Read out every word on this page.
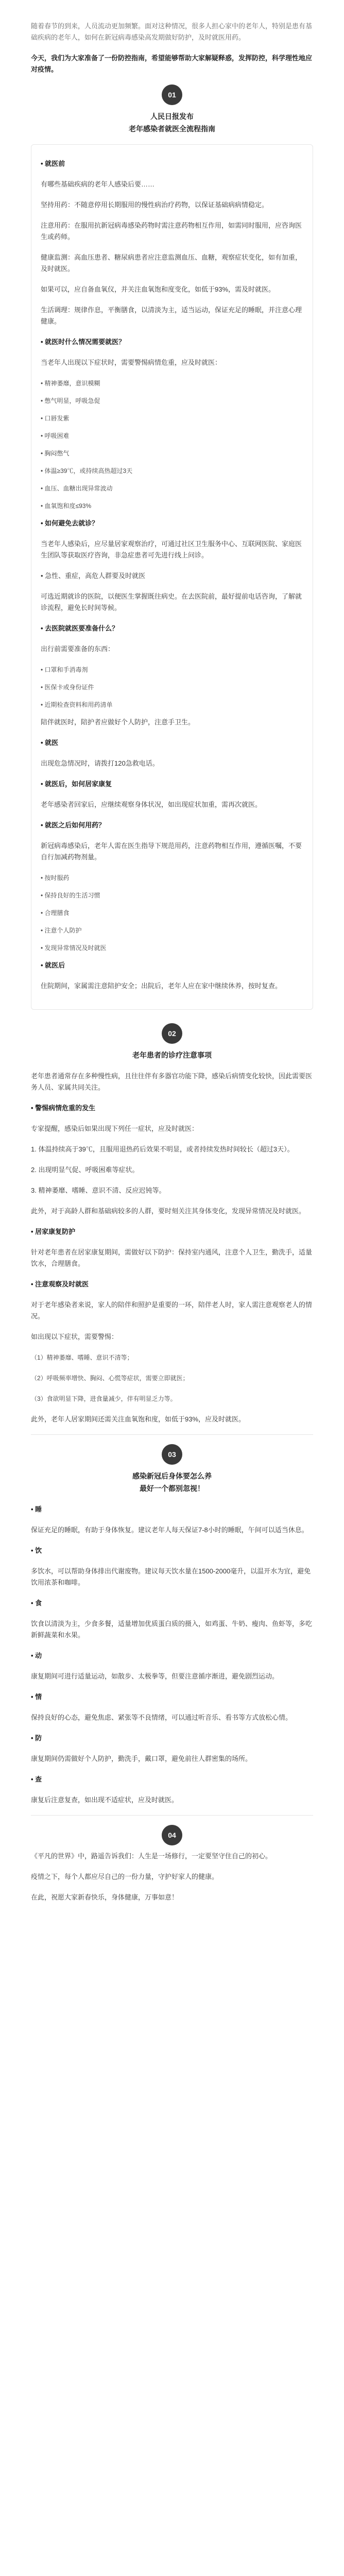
随着春节的到来，人员流动更加频繁。面对这种情况，很多人担心家中的老年人，特别是患有基础疾病的老年人，如何在新冠病毒感染高发期做好防护，及时就医用药。

今天，我们为大家准备了一份防控指南，希望能够帮助大家解疑释惑，发挥防控，科学理性地应对疫情。

01
人民日报发布
老年感染者就医全流程指南

• 就医前

有哪些基础疾病的老年人感染后要……

坚持用药：不随意停用长期服用的慢性病治疗药物，以保证基础病病情稳定。

注意用药：在服用抗新冠病毒感染药物时需注意药物相互作用，如需同时服用，应咨询医生或药师。

健康监测：高血压患者、糖尿病患者应注意监测血压、血糖，观察症状变化，如有加重，及时就医。

如果可以，应自备血氧仪，并关注血氧饱和度变化，如低于93%，需及时就医。

生活调理：规律作息，平衡膳食，以清淡为主，适当运动，保证充足的睡眠，并注意心理健康。

• 就医时什么情况需要就医？

当老年人出现以下症状时，需要警惕病情危重，应及时就医：

• 精神萎靡，意识模糊

• 憋气明显，呼吸急促

• 口唇发紫

• 呼吸困难

• 胸闷憋气

• 体温≥39℃，或持续高热超过3天

• 血压、血糖出现异常波动

• 血氧饱和度≤93%

• 如何避免去就诊？

当老年人感染后，应尽量居家观察治疗，可通过社区卫生服务中心、互联网医院、家庭医生团队等获取医疗咨询，非急症患者可先进行线上问诊。

• 急性、重症，高危人群要及时就医

可选近期就诊的医院，以便医生掌握既往病史。在去医院前，最好提前电话咨询，了解就诊流程，避免长时间等候。

• 去医院就医要准备什么？

出行前需要准备的东西：

• 口罩和手消毒剂

• 医保卡或身份证件

• 近期检查资料和用药清单

陪伴就医时，陪护者应做好个人防护，注意手卫生。

• 就医

出现危急情况时，请拨打120急救电话。

• 就医后，如何居家康复

老年感染者回家后，应继续观察身体状况，如出现症状加重，需再次就医。

• 就医之后如何用药？

新冠病毒感染后，老年人需在医生指导下规范用药，注意药物相互作用，遵循医嘱，不要自行加减药物剂量。

• 按时服药

• 保持良好的生活习惯

• 合理膳食

• 注意个人防护

• 发现异常情况及时就医

• 就医后

住院期间，家属需注意陪护安全；出院后，老年人应在家中继续休养，按时复查。

02
老年患者的诊疗注意事项

老年患者通常存在多种慢性病，且往往伴有多器官功能下降，感染后病情变化较快，因此需要医务人员、家属共同关注。

• 警惕病情危重的发生

专家提醒，感染后如果出现下列任一症状，应及时就医：

1. 体温持续高于39℃，且服用退热药后效果不明显，或者持续发热时间较长（超过3天）。

2. 出现明显气促、呼吸困难等症状。

3. 精神萎靡、嗜睡、意识不清、反应迟钝等。

此外，对于高龄人群和基础病较多的人群，要时刻关注其身体变化，发现异常情况及时就医。

• 居家康复防护

针对老年患者在居家康复期间，需做好以下防护：保持室内通风，注意个人卫生，勤洗手，适量饮水，合理膳食。

• 注意观察及时就医

对于老年感染者来说，家人的陪伴和照护是重要的一环，陪伴老人时，家人需注意观察老人的情况。

如出现以下症状，需要警惕：

（1）精神萎靡、嗜睡、意识不清等；

（2）呼吸频率增快、胸闷、心慌等症状，需要立即就医；

（3）食欲明显下降，进食量减少，伴有明显乏力等。

此外，老年人居家期间还需关注血氧饱和度，如低于93%，应及时就医。

03
感染新冠后身体要怎么养
最好一个都别忽视！

• 睡

保证充足的睡眠，有助于身体恢复。建议老年人每天保证7-8小时的睡眠，午间可以适当休息。

• 饮

多饮水，可以帮助身体排出代谢废物。建议每天饮水量在1500-2000毫升，以温开水为宜，避免饮用浓茶和咖啡。

• 食

饮食以清淡为主，少食多餐，适量增加优质蛋白质的摄入，如鸡蛋、牛奶、瘦肉、鱼虾等，多吃新鲜蔬菜和水果。

• 动

康复期间可进行适量运动，如散步、太极拳等，但要注意循序渐进，避免剧烈运动。

• 情

保持良好的心态，避免焦虑、紧张等不良情绪，可以通过听音乐、看书等方式放松心情。

• 防

康复期间仍需做好个人防护，勤洗手，戴口罩，避免前往人群密集的场所。

• 查

康复后注意复查，如出现不适症状，应及时就医。

04

《平凡的世界》中，路遥告诉我们：人生是一场修行，一定要坚守住自己的初心。

疫情之下，每个人都应尽自己的一份力量，守护好家人的健康。

在此，祝愿大家新春快乐，身体健康，万事如意！
